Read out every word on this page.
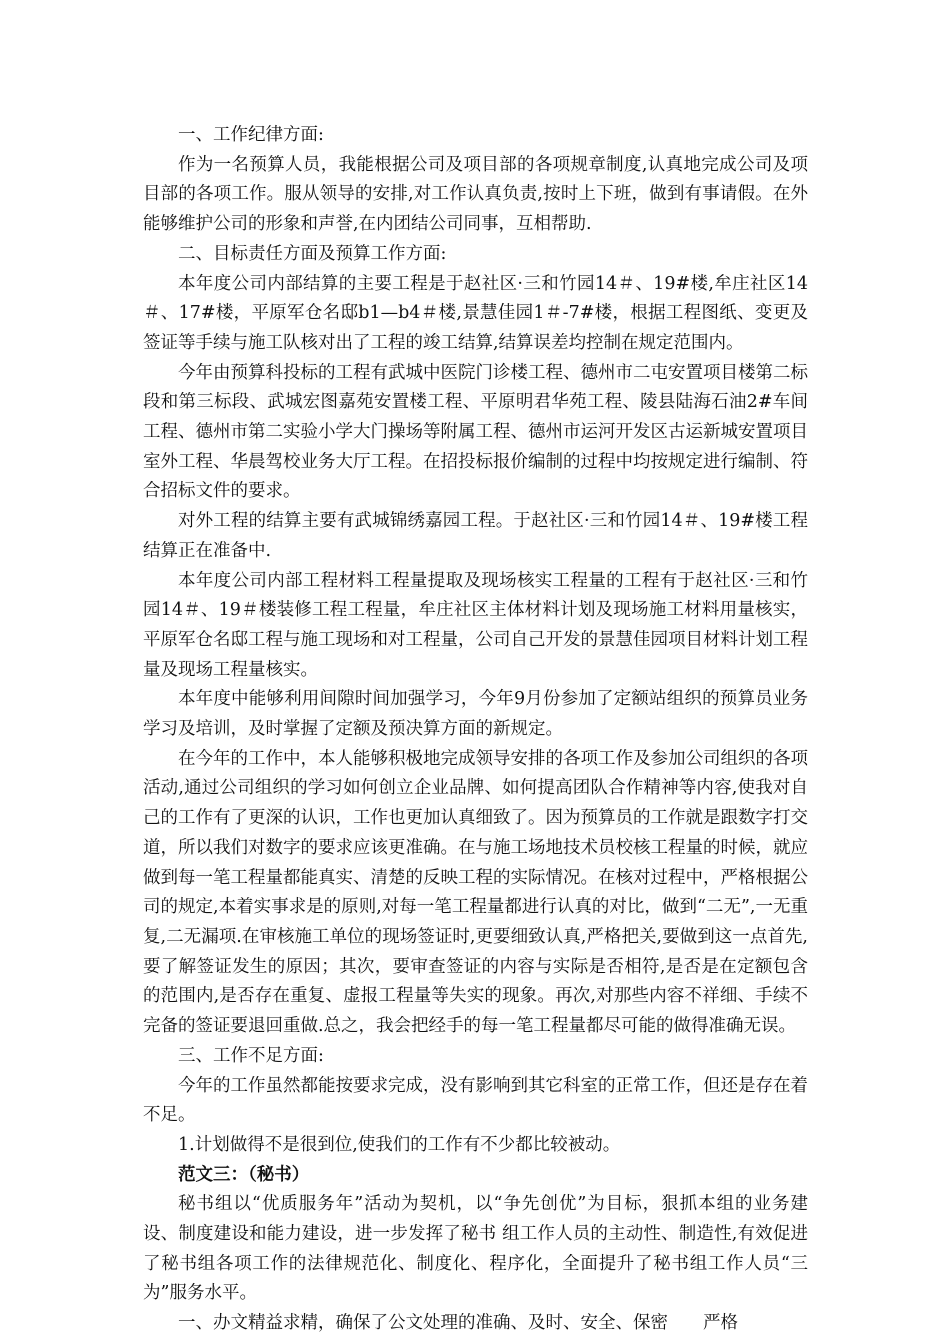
一、工作纪律方面:

作为一名预算人员，我能根据公司及项目部的各项规章制度,认真地完成公司及项目部的各项工作。服从领导的安排,对工作认真负责,按时上下班，做到有事请假。在外能够维护公司的形象和声誉,在内团结公司同事，互相帮助.

二、目标责任方面及预算工作方面:

本年度公司内部结算的主要工程是于赵社区·三和竹园14＃、19#楼,牟庄社区14＃、17#楼，平原军仓名邸b1—b4＃楼,景慧佳园1＃-7#楼，根据工程图纸、变更及签证等手续与施工队核对出了工程的竣工结算,结算误差均控制在规定范围内。

今年由预算科投标的工程有武城中医院门诊楼工程、德州市二屯安置项目楼第二标段和第三标段、武城宏图嘉苑安置楼工程、平原明君华苑工程、陵县陆海石油2#车间工程、德州市第二实验小学大门操场等附属工程、德州市运河开发区古运新城安置项目室外工程、华晨驾校业务大厅工程。在招投标报价编制的过程中均按规定进行编制、符合招标文件的要求。

对外工程的结算主要有武城锦绣嘉园工程。于赵社区·三和竹园14＃、19#楼工程结算正在准备中.

本年度公司内部工程材料工程量提取及现场核实工程量的工程有于赵社区·三和竹园14＃、19＃楼装修工程工程量，牟庄社区主体材料计划及现场施工材料用量核实，平原军仓名邸工程与施工现场和对工程量，公司自己开发的景慧佳园项目材料计划工程量及现场工程量核实。

本年度中能够利用间隙时间加强学习，今年9月份参加了定额站组织的预算员业务学习及培训，及时掌握了定额及预决算方面的新规定。

在今年的工作中，本人能够积极地完成领导安排的各项工作及参加公司组织的各项活动,通过公司组织的学习如何创立企业品牌、如何提高团队合作精神等内容,使我对自己的工作有了更深的认识，工作也更加认真细致了。因为预算员的工作就是跟数字打交道，所以我们对数字的要求应该更准确。在与施工场地技术员校核工程量的时候，就应做到每一笔工程量都能真实、清楚的反映工程的实际情况。在核对过程中，严格根据公司的规定,本着实事求是的原则,对每一笔工程量都进行认真的对比，做到“二无”,一无重复,二无漏项.在审核施工单位的现场签证时,更要细致认真,严格把关,要做到这一点首先,要了解签证发生的原因；其次，要审查签证的内容与实际是否相符,是否是在定额包含的范围内,是否存在重复、虚报工程量等失实的现象。再次,对那些内容不祥细、手续不完备的签证要退回重做.总之，我会把经手的每一笔工程量都尽可能的做得准确无误。

三、工作不足方面:

今年的工作虽然都能按要求完成，没有影响到其它科室的正常工作，但还是存在着不足。

1.计划做得不是很到位,使我们的工作有不少都比较被动。

范文三：（秘书）

秘书组以“优质服务年”活动为契机，以“争先创优”为目标，狠抓本组的业务建设、制度建设和能力建设，进一步发挥了秘书 组工作人员的主动性、制造性,有效促进了秘书组各项工作的法律规范化、制度化、程序化，全面提升了秘书组工作人员“三为”服务水平。

一、办文精益求精，确保了公文处理的准确、及时、安全、保密　　严格
